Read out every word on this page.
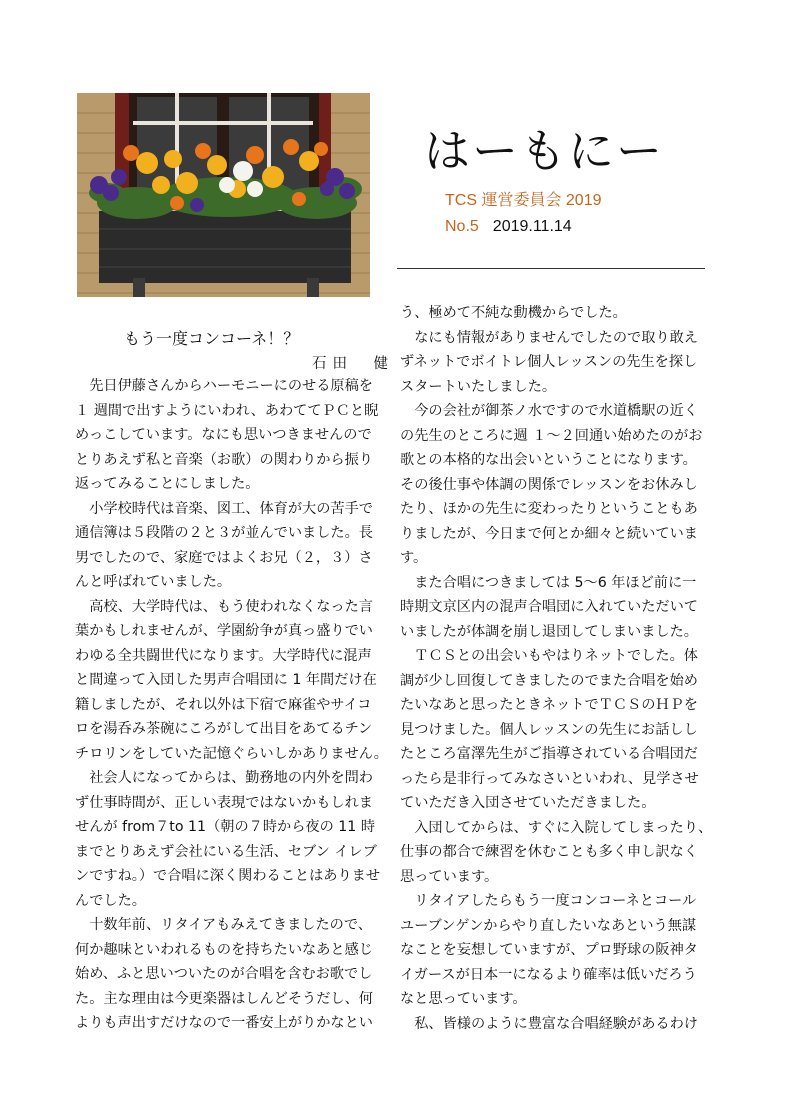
はーもにー
TCS 運営委員会 2019
No.5 2019.11.14
もう一度コンコーネ！？
石田　健
　先日伊藤さんからハーモニーにのせる原稿を
１ 週間で出すようにいわれ、あわててＰＣと睨
めっこしています。なにも思いつきませんので
とりあえず私と音楽（お歌）の関わりから振り
返ってみることにしました。
　小学校時代は音楽、図工、体育が大の苦手で
通信簿は５段階の２と３が並んでいました。長
男でしたので、家庭ではよくお兄（２，３）さ
んと呼ばれていました。
　高校、大学時代は、もう使われなくなった言
葉かもしれませんが、学園紛争が真っ盛りでい
わゆる全共闘世代になります。大学時代に混声
と間違って入団した男声合唱団に 1 年間だけ在
籍しましたが、それ以外は下宿で麻雀やサイコ
ロを湯呑み茶碗にころがして出目をあてるチン
チロリンをしていた記憶ぐらいしかありません。
　社会人になってからは、勤務地の内外を問わ
ず仕事時間が、正しい表現ではないかもしれま
せんが from７to 11（朝の７時から夜の 11 時
までとりあえず会社にいる生活、セブン イレブ
ンですね。）で合唱に深く関わることはありませ
んでした。
　十数年前、リタイアもみえてきましたので、
何か趣味といわれるものを持ちたいなあと感じ
始め、ふと思いついたのが合唱を含むお歌でし
た。主な理由は今更楽器はしんどそうだし、何
よりも声出すだけなので一番安上がりかなとい
う、極めて不純な動機からでした。
　なにも情報がありませんでしたので取り敢え
ずネットでボイトレ個人レッスンの先生を探し
スタートいたしました。
　今の会社が御茶ノ水ですので水道橋駅の近く
の先生のところに週 １～２回通い始めたのがお
歌との本格的な出会いということになります。
その後仕事や体調の関係でレッスンをお休みし
たり、ほかの先生に変わったりということもあ
りましたが、今日まで何とか細々と続いていま
す。
　また合唱につきましては 5～6 年ほど前に一
時期文京区内の混声合唱団に入れていただいて
いましたが体調を崩し退団してしまいました。
　ＴＣＳとの出会いもやはりネットでした。体
調が少し回復してきましたのでまた合唱を始め
たいなあと思ったときネットでＴＣＳのＨＰを
見つけました。個人レッスンの先生にお話しし
たところ富澤先生がご指導されている合唱団だ
ったら是非行ってみなさいといわれ、見学させ
ていただき入団させていただきました。
　入団してからは、すぐに入院してしまったり、
仕事の都合で練習を休むことも多く申し訳なく
思っています。
　リタイアしたらもう一度コンコーネとコール
ユーブンゲンからやり直したいなあという無謀
なことを妄想していますが、プロ野球の阪神タ
イガースが日本一になるより確率は低いだろう
なと思っています。
　私、皆様のように豊富な合唱経験があるわけ
